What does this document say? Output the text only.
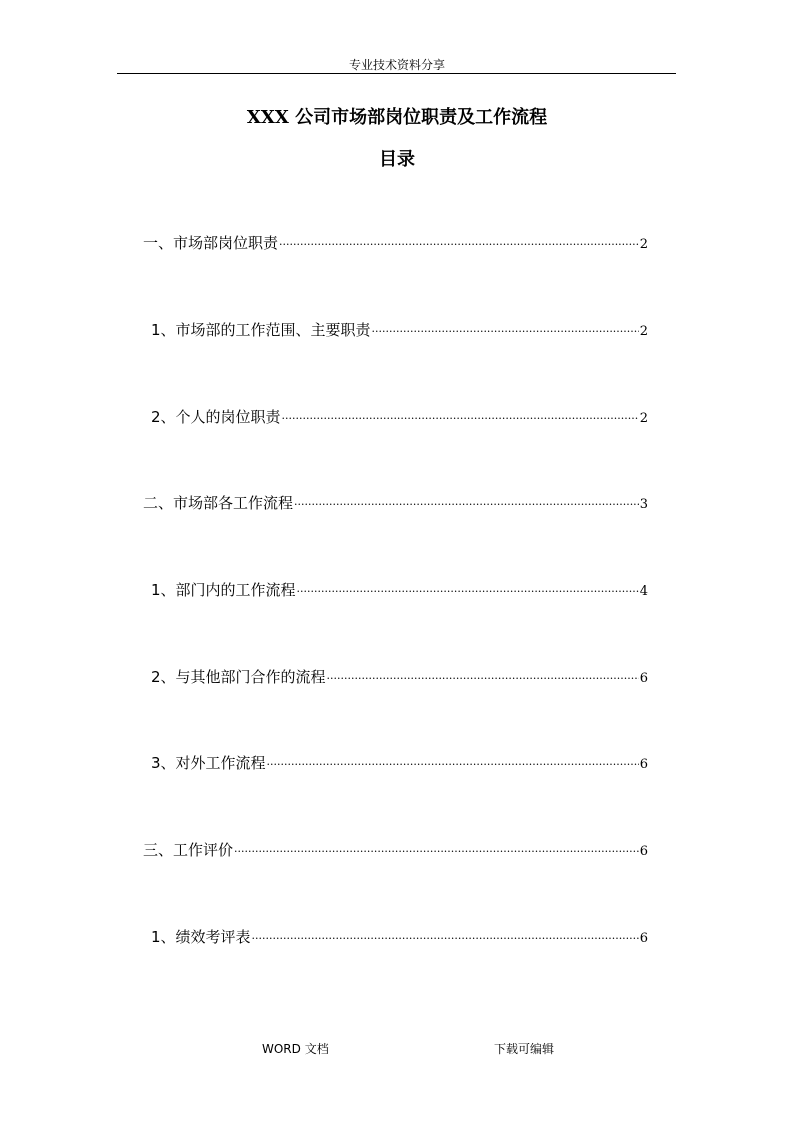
专业技术资料分享
XXX 公司市场部岗位职责及工作流程
目录
一、市场部岗位职责 ·····	2
1、市场部的工作范围、主要职责 ·····	2
2、个人的岗位职责 ·····	2
二、市场部各工作流程 ·····	3
1、部门内的工作流程 ·····	4
2、与其他部门合作的流程 ·····	6
3、对外工作流程 ·····	6
三、工作评价 ·····	6
1、绩效考评表 ·····	6
WORD 文档	下载可编辑
